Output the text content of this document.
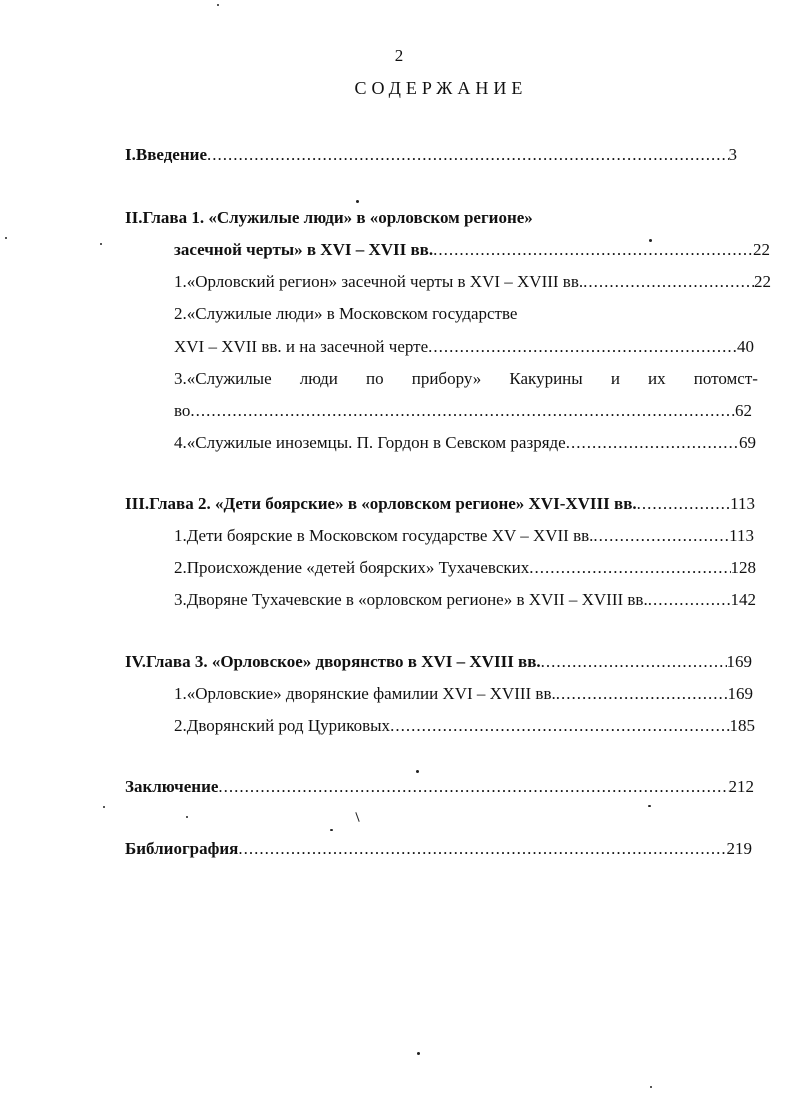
2
СОДЕРЖАНИЕ
I.Введение .....	3
II.Глава 1. «Служилые люди» в «орловском регионе»
засечной черты» в XVI – XVII вв. .....	22
1.«Орловский регион» засечной черты в XVI – XVIII вв. .....	22
2.«Служилые люди» в Московском государстве
XVI – XVII вв. и на засечной черте .....	40
3.«Служилые люди по прибору» Какурины и их потомст-
во .....	62
4.«Служилые иноземцы. П. Гордон в Севском разряде .....	69
III.Глава 2. «Дети боярские» в «орловском регионе» XVI-XVIII вв. .....	113
1.Дети боярские в Московском государстве XV – XVII вв. .....	113
2.Происхождение «детей боярских» Тухачевских .....	128
3.Дворяне Тухачевские в «орловском регионе» в XVII – XVIII вв. .....	142
IV.Глава 3. «Орловское» дворянство в XVI – XVIII вв. .....	169
1.«Орловские» дворянские фамилии XVI – XVIII вв. .....	169
2.Дворянский род Цуриковых .....	185
Заключение .....	212
Библиография .....	219
